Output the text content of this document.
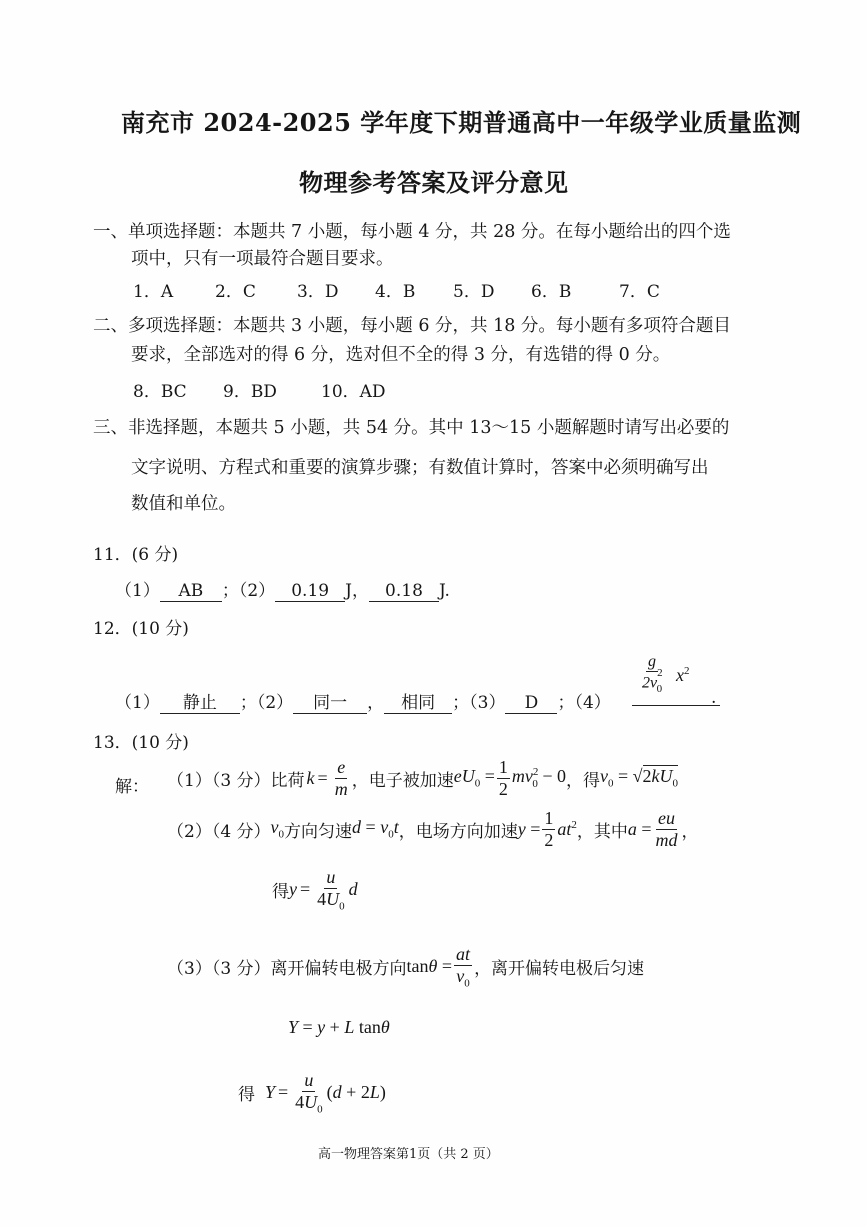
南充市 2024-2025 学年度下期普通高中一年级学业质量监测
物理参考答案及评分意见
一、单项选择题：本题共 7 小题，每小题 4 分，共 28 分。在每小题给出的四个选
项中，只有一项最符合题目要求。
1．A 2．C 3．D 4．B 5．D 6．B	7．C
二、多项选择题：本题共 3 小题，每小题 6 分，共 18 分。每小题有多项符合题目
要求，全部选对的得 6 分，选对但不全的得 3 分，有选错的得 0 分。
8．BC 9．BD	10．AD
三、非选择题，本题共 5 小题，共 54 分。其中 13～15 小题解题时请写出必要的
文字说明、方程式和重要的演算步骤；有数值计算时，答案中必须明确写出
数值和单位。
11．(6 分)
（1） AB ；（2） 0.19 J， 0.18 J.
12．(10 分)
（1） 静止 ；（2） 同一 ， 相同 ；（3） D ；（4）
$\frac{g}{2v^2_0} x^2$
.
13．(10 分)
解： （1）（3 分）比荷 $k = \frac{e}{m}$ ，电子被加速 $eU_0 = \frac{1}{2} mv^2_0 - 0$ ，得 $v_0 = √2kU_0$
（2）（4 分） $v_0$ 方向匀速 $d = v_0t$ ，电场方向加速 $y = \frac{1}{2} at^2$ ，其中 $a = \frac{eu}{md}$ ，
得 $y = \frac{u}{4U_0}$ d
（3）（3 分）离开偏转电极方向 $\tan\theta = \frac{at}{v_0}$ ，离开偏转电极后匀速
Y = y + L tanθ
得 $Y = \frac{u}{4U_0} (d + 2L)$
高一物理答案第1页（共 2 页）
